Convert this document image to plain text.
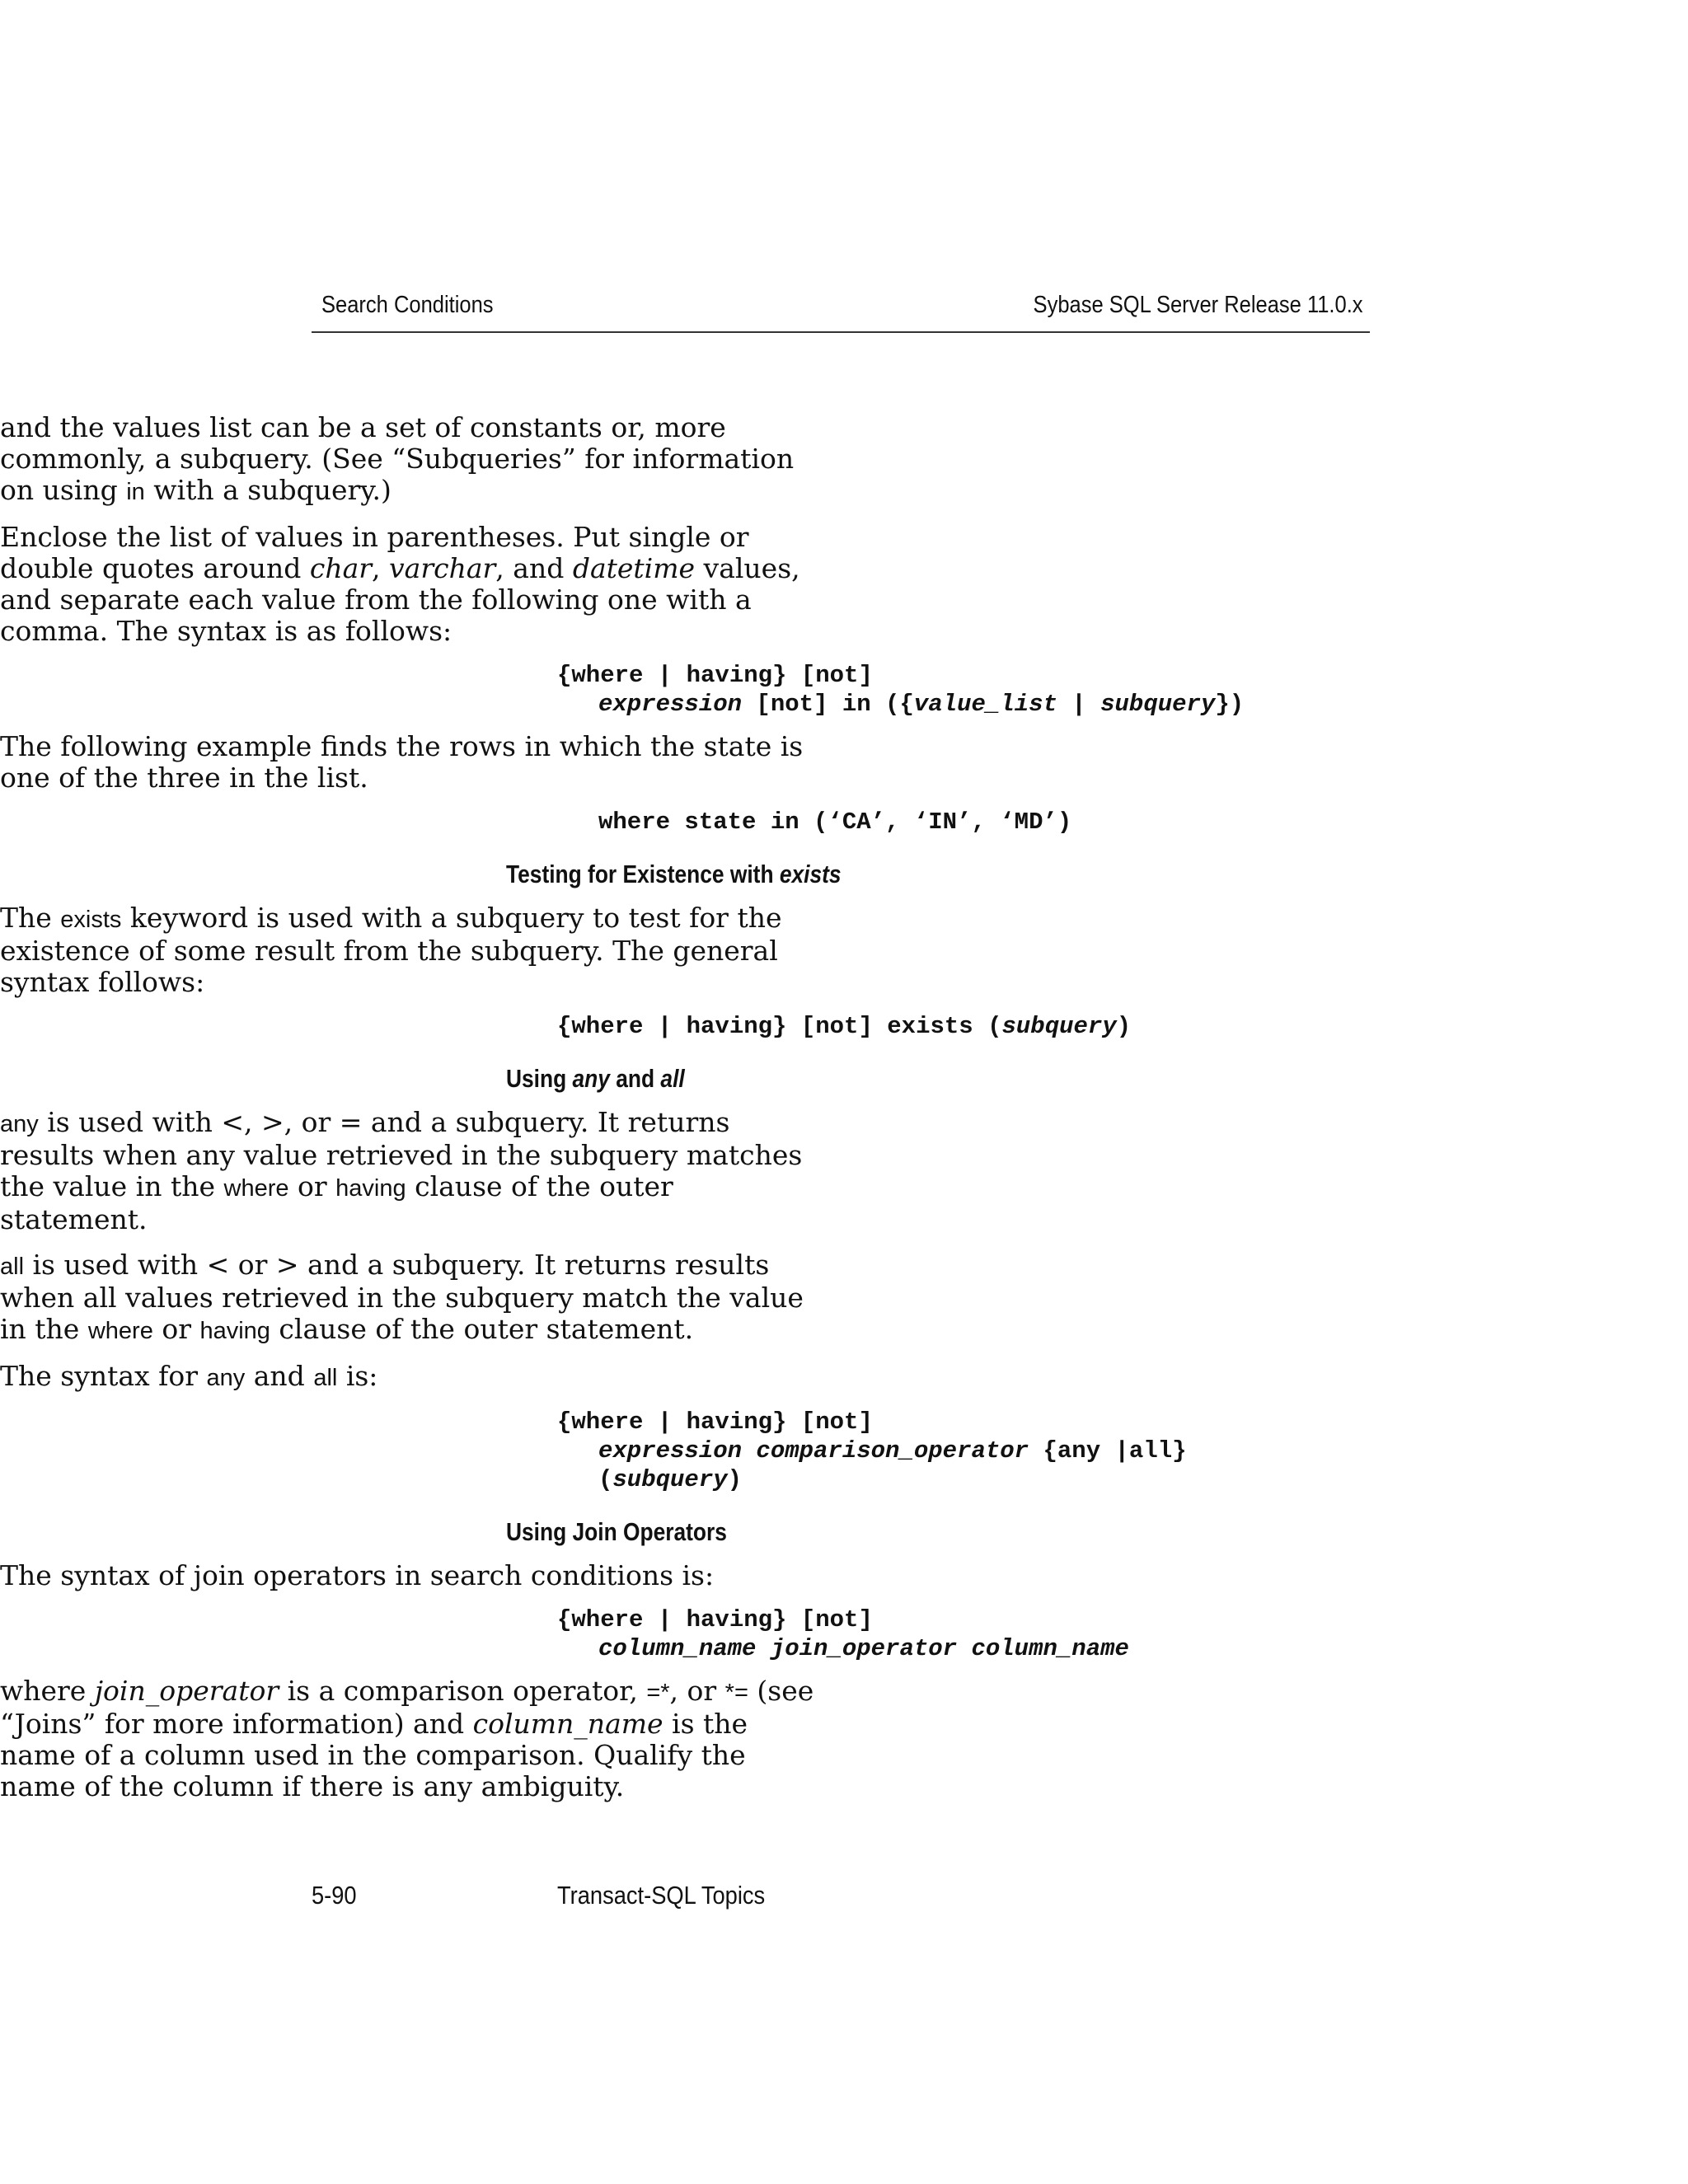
Search Conditions	Sybase SQL Server Release 11.0.x

and the values list can be a set of constants or, more commonly, a subquery. (See “Subqueries” for information on using in with a subquery.)

Enclose the list of values in parentheses. Put single or double quotes around char, varchar, and datetime values, and separate each value from the following one with a comma. The syntax is as follows:

{where | having} [not]
expression [not] in ({value_list | subquery})

The following example finds the rows in which the state is one of the three in the list.

where state in (‘CA’, ‘IN’, ‘MD’)
Testing for Existence with exists

The exists keyword is used with a subquery to test for the existence of some result from the subquery. The general syntax follows:

{where | having} [not] exists (subquery)
Using any and all

any is used with <, >, or = and a subquery. It returns results when any value retrieved in the subquery matches the value in the where or having clause of the outer statement.

all is used with < or > and a subquery. It returns results when all values retrieved in the subquery match the value in the where or having clause of the outer statement.

The syntax for any and all is:

{where | having} [not]
expression comparison_operator {any |all}
(subquery)
Using Join Operators

The syntax of join operators in search conditions is:

{where | having} [not]
column_name join_operator column_name

where join_operator is a comparison operator, =*, or *= (see “Joins” for more information) and column_name is the name of a column used in the comparison. Qualify the name of the column if there is any ambiguity.

5-90	Transact-SQL Topics
